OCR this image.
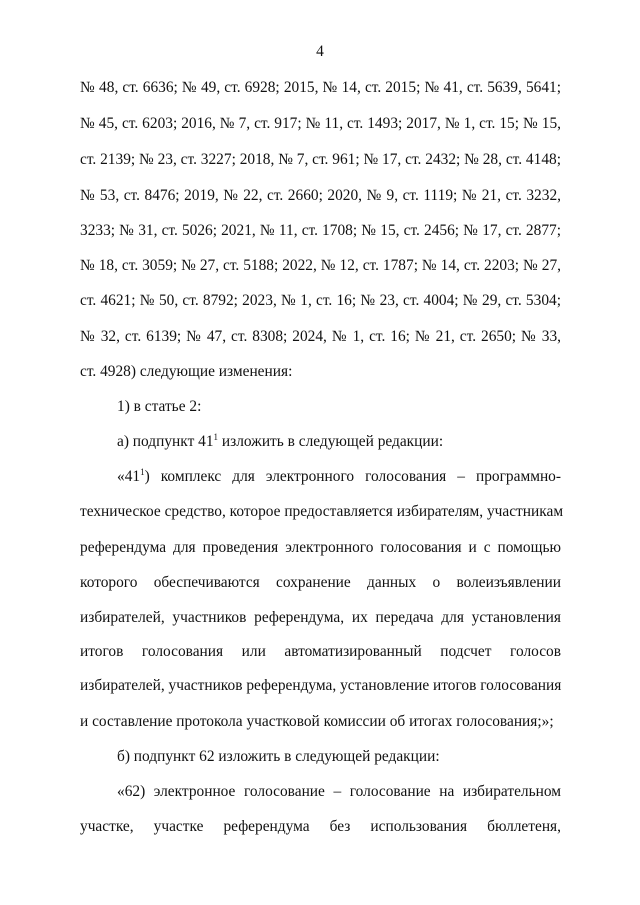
4
№ 48, ст. 6636; № 49, ст. 6928; 2015, № 14, ст. 2015; № 41, ст. 5639, 5641;
№ 45, ст. 6203; 2016, № 7, ст. 917; № 11, ст. 1493; 2017, № 1, ст. 15; № 15,
ст. 2139; № 23, ст. 3227; 2018, № 7, ст. 961; № 17, ст. 2432; № 28, ст. 4148;
№ 53, ст. 8476; 2019, № 22, ст. 2660; 2020, № 9, ст. 1119; № 21, ст. 3232,
3233; № 31, ст. 5026; 2021, № 11, ст. 1708; № 15, ст. 2456; № 17, ст. 2877;
№ 18, ст. 3059; № 27, ст. 5188; 2022, № 12, ст. 1787; № 14, ст. 2203; № 27,
ст. 4621; № 50, ст. 8792; 2023, № 1, ст. 16; № 23, ст. 4004; № 29, ст. 5304;
№ 32, ст. 6139; № 47, ст. 8308; 2024, № 1, ст. 16; № 21, ст. 2650; № 33,
ст. 4928) следующие изменения:
1) в статье 2:
а) подпункт $41^1$ изложить в следующей редакции:
«$41^1$) комплекс для электронного голосования – программно-
техническое средство, которое предоставляется избирателям, участникам
референдума для проведения электронного голосования и с помощью
которого обеспечиваются сохранение данных о волеизъявлении
избирателей, участников референдума, их передача для установления
итогов голосования или автоматизированный подсчет голосов
избирателей, участников референдума, установление итогов голосования
и составление протокола участковой комиссии об итогах голосования;»;
б) подпункт 62 изложить в следующей редакции:
«62) электронное голосование – голосование на избирательном
участке, участке референдума без использования бюллетеня,
